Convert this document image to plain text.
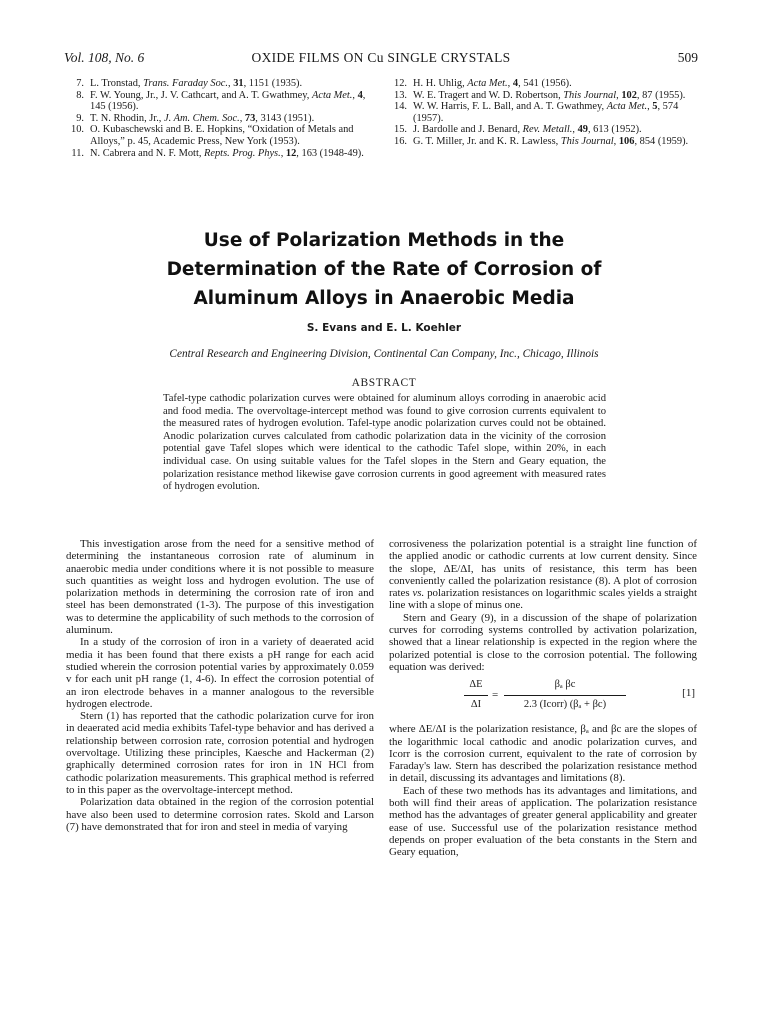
Vol. 108, No. 6	OXIDE FILMS ON Cu SINGLE CRYSTALS	509
7. L. Tronstad, Trans. Faraday Soc., 31, 1151 (1935).
8. F. W. Young, Jr., J. V. Cathcart, and A. T. Gwathmey, Acta Met., 4, 145 (1956).
9. T. N. Rhodin, Jr., J. Am. Chem. Soc., 73, 3143 (1951).
10. O. Kubaschewski and B. E. Hopkins, “Oxidation of Metals and Alloys,” p. 45, Academic Press, New York (1953).
11. N. Cabrera and N. F. Mott, Repts. Prog. Phys., 12, 163 (1948-49).
12. H. H. Uhlig, Acta Met., 4, 541 (1956).
13. W. E. Tragert and W. D. Robertson, This Journal, 102, 87 (1955).
14. W. W. Harris, F. L. Ball, and A. T. Gwathmey, Acta Met., 5, 574 (1957).
15. J. Bardolle and J. Benard, Rev. Metall., 49, 613 (1952).
16. G. T. Miller, Jr. and K. R. Lawless, This Journal, 106, 854 (1959).
Use of Polarization Methods in the
Determination of the Rate of Corrosion of
Aluminum Alloys in Anaerobic Media
S. Evans and E. L. Koehler
Central Research and Engineering Division, Continental Can Company, Inc., Chicago, Illinois
ABSTRACT
Tafel-type cathodic polarization curves were obtained for aluminum alloys corroding in anaerobic acid and food media. The overvoltage-intercept method was found to give corrosion currents equivalent to the measured rates of hydrogen evolution. Tafel-type anodic polarization curves could not be obtained. Anodic polarization curves calculated from cathodic polarization data in the vicinity of the corrosion potential gave Tafel slopes which were identical to the cathodic Tafel slope, within 20%, in each individual case. On using suitable values for the Tafel slopes in the Stern and Geary equation, the polarization resistance method likewise gave corrosion currents in good agreement with measured rates of hydrogen evolution.

This investigation arose from the need for a sensitive method of determining the instantaneous corrosion rate of aluminum in anaerobic media under conditions where it is not possible to measure such quantities as weight loss and hydrogen evolution. The use of polarization methods in determining the corrosion rate of iron and steel has been demonstrated (1-3). The purpose of this investigation was to determine the applicability of such methods to the corrosion of aluminum.

In a study of the corrosion of iron in a variety of deaerated acid media it has been found that there exists a pH range for each acid studied wherein the corrosion potential varies by approximately 0.059 v for each unit pH range (1, 4-6). In effect the corrosion potential of an iron electrode behaves in a manner analogous to the reversible hydrogen electrode.

Stern (1) has reported that the cathodic polarization curve for iron in deaerated acid media exhibits Tafel-type behavior and has derived a relationship between corrosion rate, corrosion potential and hydrogen overvoltage. Utilizing these principles, Kaesche and Hackerman (2) graphically determined corrosion rates for iron in 1N HCl from cathodic polarization measurements. This graphical method is referred to in this paper as the overvoltage-intercept method.

Polarization data obtained in the region of the corrosion potential have also been used to determine corrosion rates. Skold and Larson (7) have demonstrated that for iron and steel in media of varying

corrosiveness the polarization potential is a straight line function of the applied anodic or cathodic currents at low current density. Since the slope, ΔE/ΔI, has units of resistance, this term has been conveniently called the polarization resistance (8). A plot of corrosion rates vs. polarization resistances on logarithmic scales yields a straight line with a slope of minus one.

Stern and Geary (9), in a discussion of the shape of polarization curves for corroding systems controlled by activation polarization, showed that a linear relationship is expected in the region where the polarized potential is close to the corrosion potential. The following equation was derived:

$\frac{\Delta E}{\Delta I}$ =
βₐ βc
2.3 (Icorr) (βₐ + βc)
[1]

where ΔE/ΔI is the polarization resistance, βₐ and βc are the slopes of the logarithmic local cathodic and anodic polarization curves, and Icorr is the corrosion current, equivalent to the rate of corrosion by Faraday's law. Stern has described the polarization resistance method in detail, discussing its advantages and limitations (8).

Each of these two methods has its advantages and limitations, and both will find their areas of application. The polarization resistance method has the advantages of greater general applicability and greater ease of use. Successful use of the polarization resistance method depends on proper evaluation of the beta constants in the Stern and Geary equation,
